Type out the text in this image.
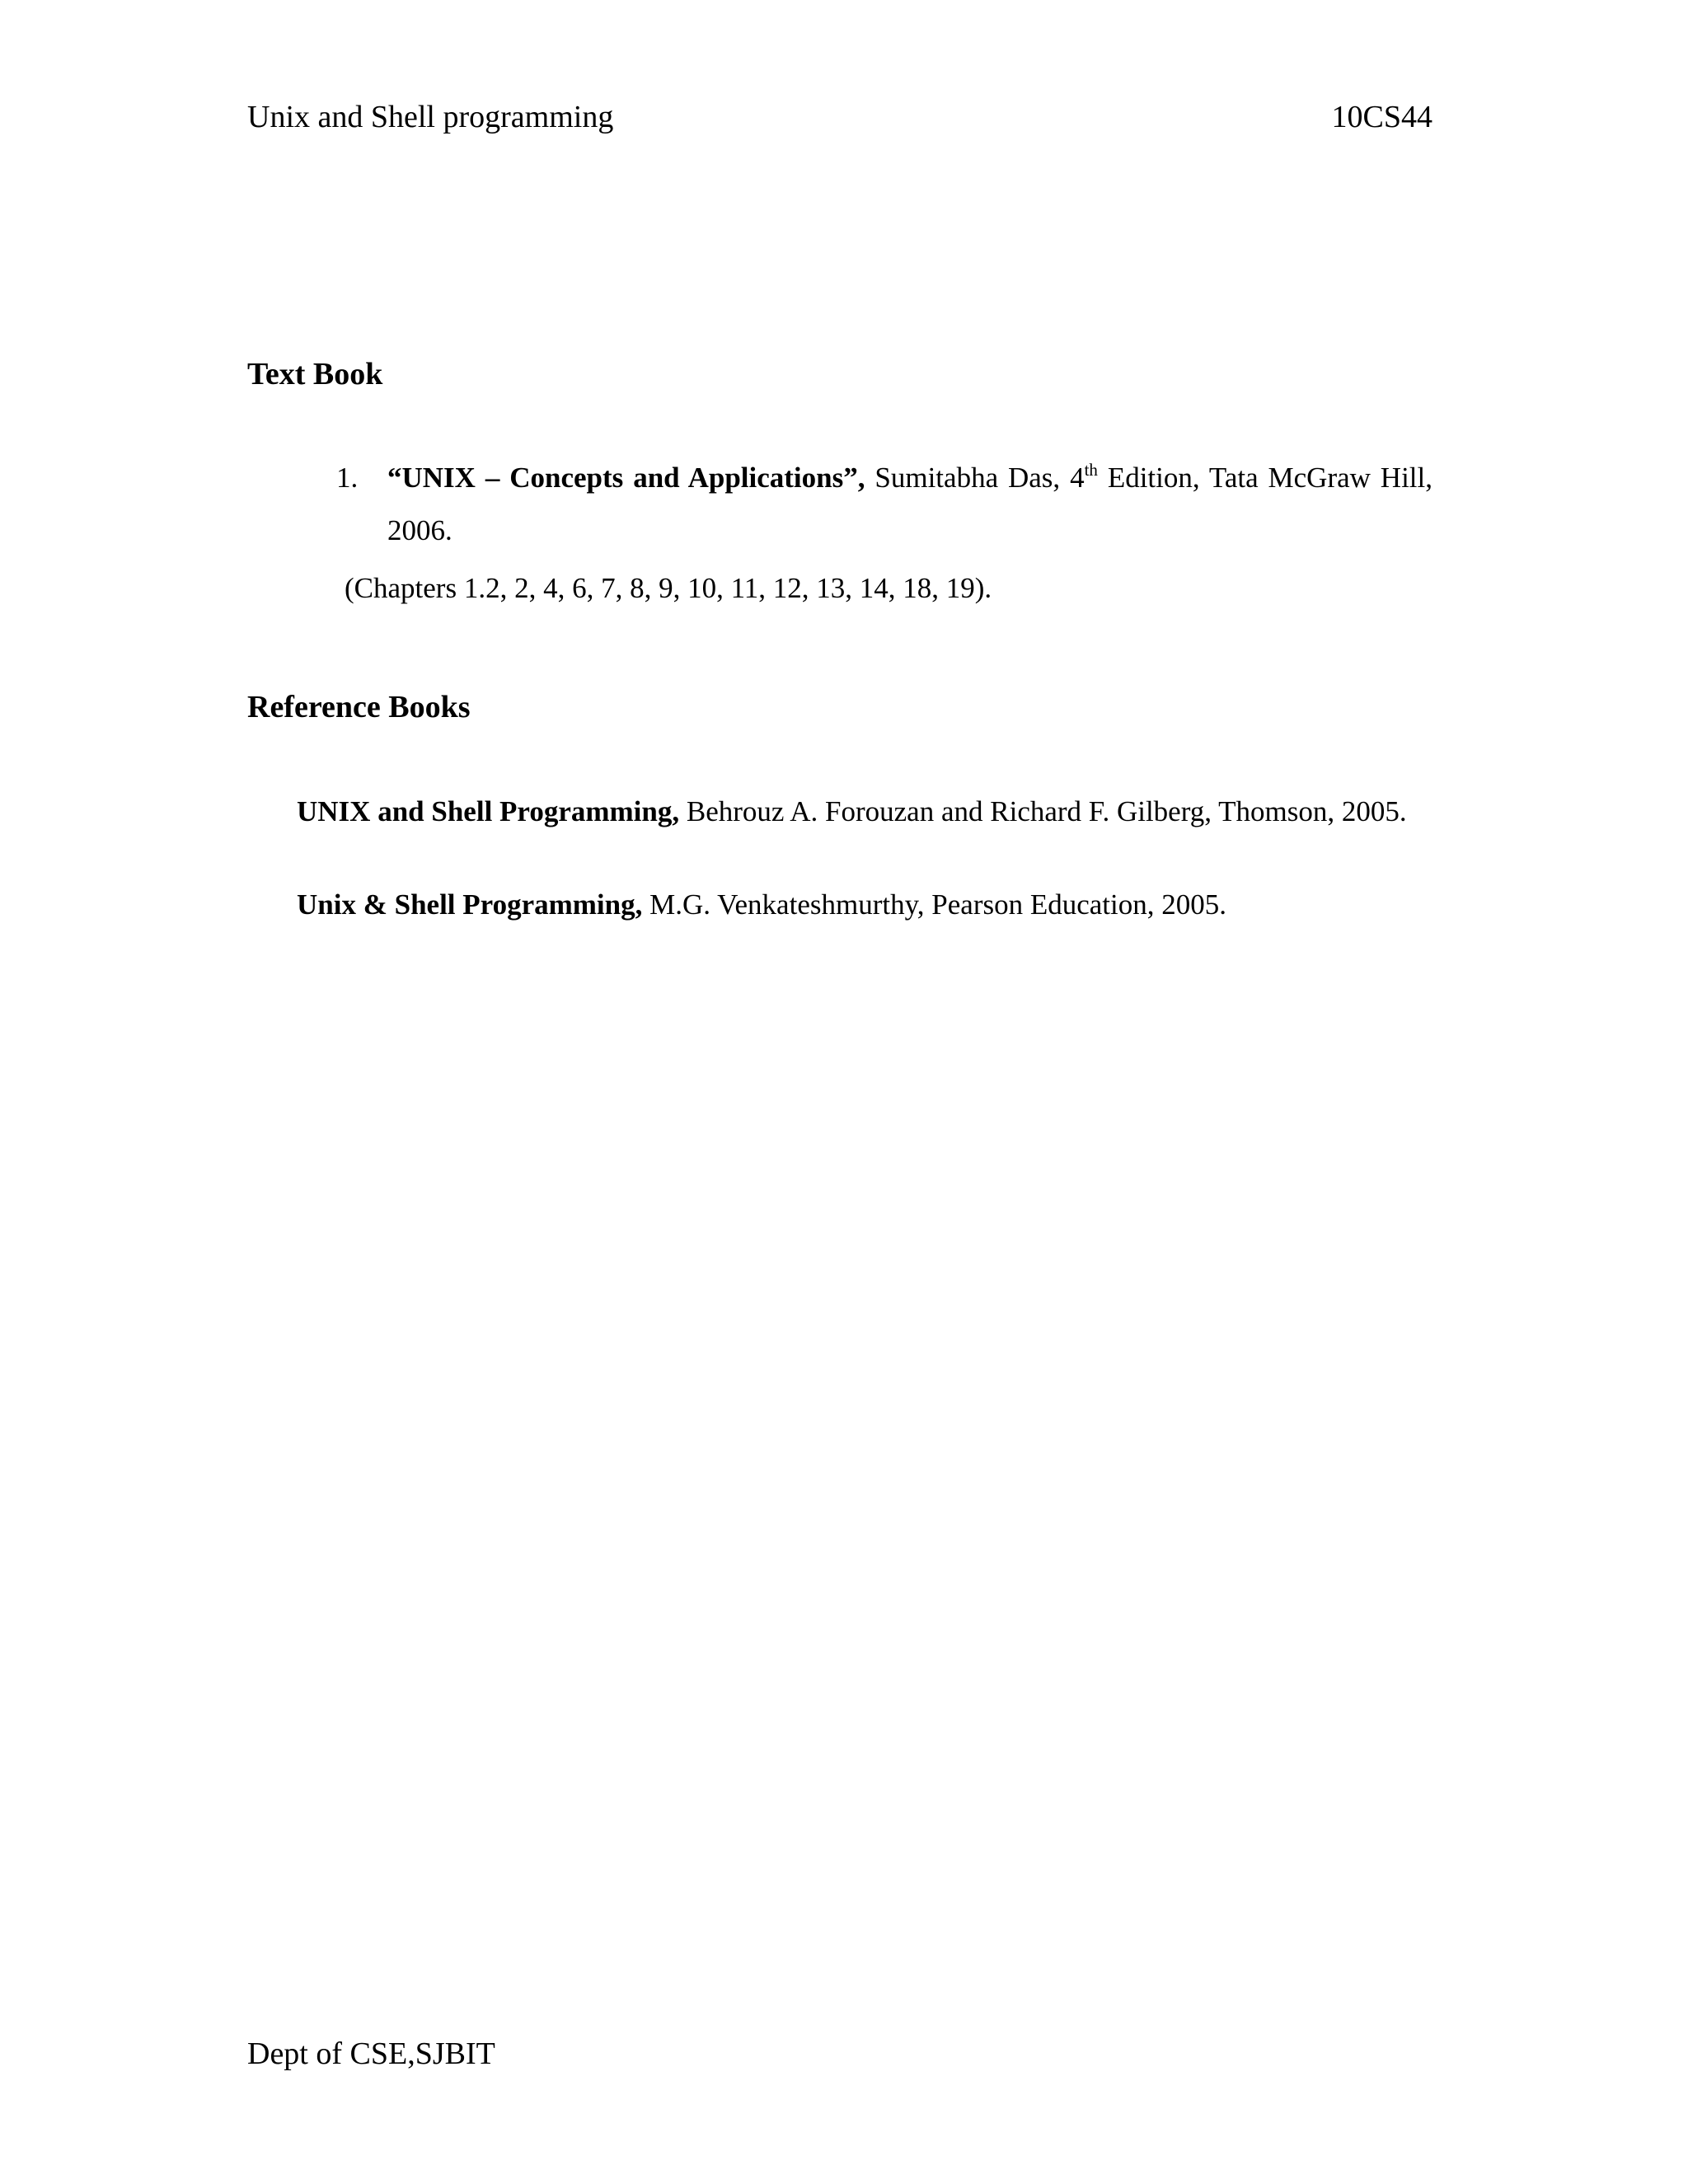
Unix and Shell programming	10CS44
Text Book
1. “UNIX – Concepts and Applications”, Sumitabha Das, 4th Edition, Tata McGraw Hill, 2006.
(Chapters 1.2, 2, 4, 6, 7, 8, 9, 10, 11, 12, 13, 14, 18, 19).
Reference Books
UNIX and Shell Programming, Behrouz A. Forouzan and Richard F. Gilberg, Thomson, 2005.
Unix & Shell Programming, M.G. Venkateshmurthy, Pearson Education, 2005.
Dept of CSE,SJBIT
